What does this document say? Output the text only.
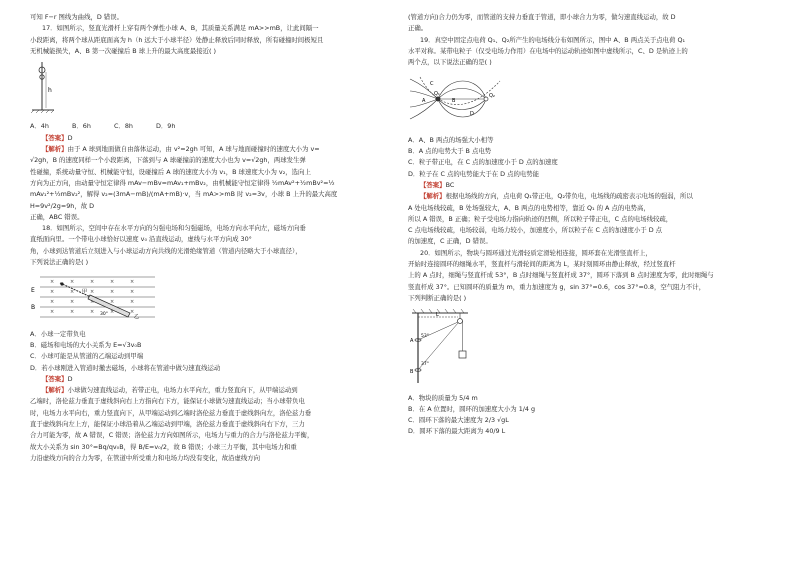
可知 F−r 图线为曲线，D 错误。

17．如图所示，竖直光滑杆上穿有两个弹性小球 A、B，其质量关系满足 mA>>mB，让此间隔一

小段距离，将两个球从距底面高为 h（h 远大于小球半径）处静止释放后同时释放，所有碰撞时间极短且

无机械能损失，A、B 第一次碰撞后 B 球上升的最大高度最接近( )

h
A．4h	B．6h	C．8h	D．9h

【答案】D

【解析】由于 A 球到地面做自由落体运动，由 v²=2gh 可知，A 球与地面碰撞时的速度大小为 v=

√2gh，B 的速度同样一个小段距离，下落到与 A 球碰撞前的速度大小也为 v=√2gh，两球发生弹

性碰撞，系统动量守恒、机械能守恒，设碰撞后 A 球的速度大小为 v₁，B 球速度大小为 v₂，选向上

方向为正方向，由动量守恒定律得 mAv−mBv=mAv₁+mBv₂，由机械能守恒定律得 ½mAv²+½mBv²=½

mAv₁²+½mBv₂²，解得 v₂=(3mA−mB)/(mA+mB)·v，当 mA>>mB 时 v₂=3v，小球 B 上升的最大高度 H=9v²/2g=9h，故 D

正确，ABC 错误。

18．如图所示，空间中存在水平方向的匀强电场和匀强磁场，电场方向水平向左，磁场方向垂

直纸面向里。一个带电小球恰好以速度 v₀ 沿直线运动，虚线与水平方向成 30°

角，小球到达管道后立刻进入与小球运动方向共线的光滑绝缘管道（管道内径略大于小球直径），

下列说法正确的是( )

×	×	×	×	×
×	×	×	×	×
×	×	×	×	×
×	×	×	×	×
E
B
甲
乙
30°

A．小球一定带负电

B．磁场和电场的大小关系为 E=√3v₀B

C．小球可能是从管道的乙端运动到甲端

D．若小球刚进入管道时撤去磁场，小球将在管道中做匀速直线运动

【答案】D

【解析】小球做匀速直线运动，若带正电，电场力水平向左，重力竖直向下，从甲端运动到

乙端时，洛伦兹力垂直于虚线斜向右上方指向右下方，能保证小球做匀速直线运动；当小球带负电

时，电场力水平向右，重力竖直向下，从甲端运动到乙端时洛伦兹力垂直于虚线斜向左，洛伦兹力垂

直于虚线斜向左上方，能保证小球沿着从乙端运动到甲端，洛伦兹力垂直于虚线斜向右下方，三力

合力可能为零，故 A 错误，C 错误；洛伦兹力方向如图所示，电场力与重力的合力与洛伦兹力平衡，

故大小关系为 sin 30°=Bq/qv₀B，得 B/E=v₀/2，故 B 错误；小球三力平衡，其中电场力和重

力沿虚线方向的合力为零，在管道中所受重力和电场力均没有变化，故沿虚线方向

(管道方向)合力仍为零，而管道的支持力垂直于管道，即小球合力为零，做匀速直线运动，故 D

正确。

19．真空中固定点电荷 Q₁、Q₂所产生的电场线分布如图所示，图中 A、B 两点关于点电荷 Q₁

水平对称。某带电粒子（仅受电场力作用）在电场中的运动轨迹如图中虚线所示，C、D 是轨迹上的

两个点，以下说法正确的是( )

Q₁	Q₂
A	B
C
D

A．A、B 两点的场强大小相等

B．A 点的电势大于 B 点电势

C．粒子带正电，在 C 点的加速度小于 D 点的加速度

D．粒子在 C 点的电势能大于在 D 点的电势能

【答案】BC

【解析】根据电场线的方向，点电荷 Q₁带正电，Q₂带负电，电场线的疏密表示电场的强弱，所以

A 处电场线较疏，B 处场强较大，A、B 两点的电势相等，靠近 Q₁ 的 A 点的电势高，

所以 A 错误，B 正确；粒子受电场力指向轨迹的凹侧，所以粒子带正电，C 点的电场线较疏，

C 点电场线较疏，电场较弱，电场力较小，加速度小，所以粒子在 C 点的加速度小于 D 点

的加速度，C 正确，D 错误。

20．如图所示，物块与圆环通过光滑轻质定滑轮相连接，圆环套在光滑竖直杆上，

开始时连接圆环的细绳水平，竖直杆与滑轮间的距离为 L，某时刻圆环由静止释放，经过竖直杆

上的 A 点时，细绳与竖直杆成 53°，B 点时细绳与竖直杆成 37°，圆环下落到 B 点时速度为零，此时细绳与

竖直杆成 37°。已知圆环的质量为 m，重力加速度为 g，sin 37°=0.6，cos 37°=0.8，空气阻力不计，

下列判断正确的是( )

L
A
B
53°
37°

A．物块的质量为 5/4 m

B．在 A 位置时，圆环的加速度大小为 1/4 g

C．圆环下落的最大速度为 2/3 √gL

D．圆环下落的最大距离为 40/9 L
